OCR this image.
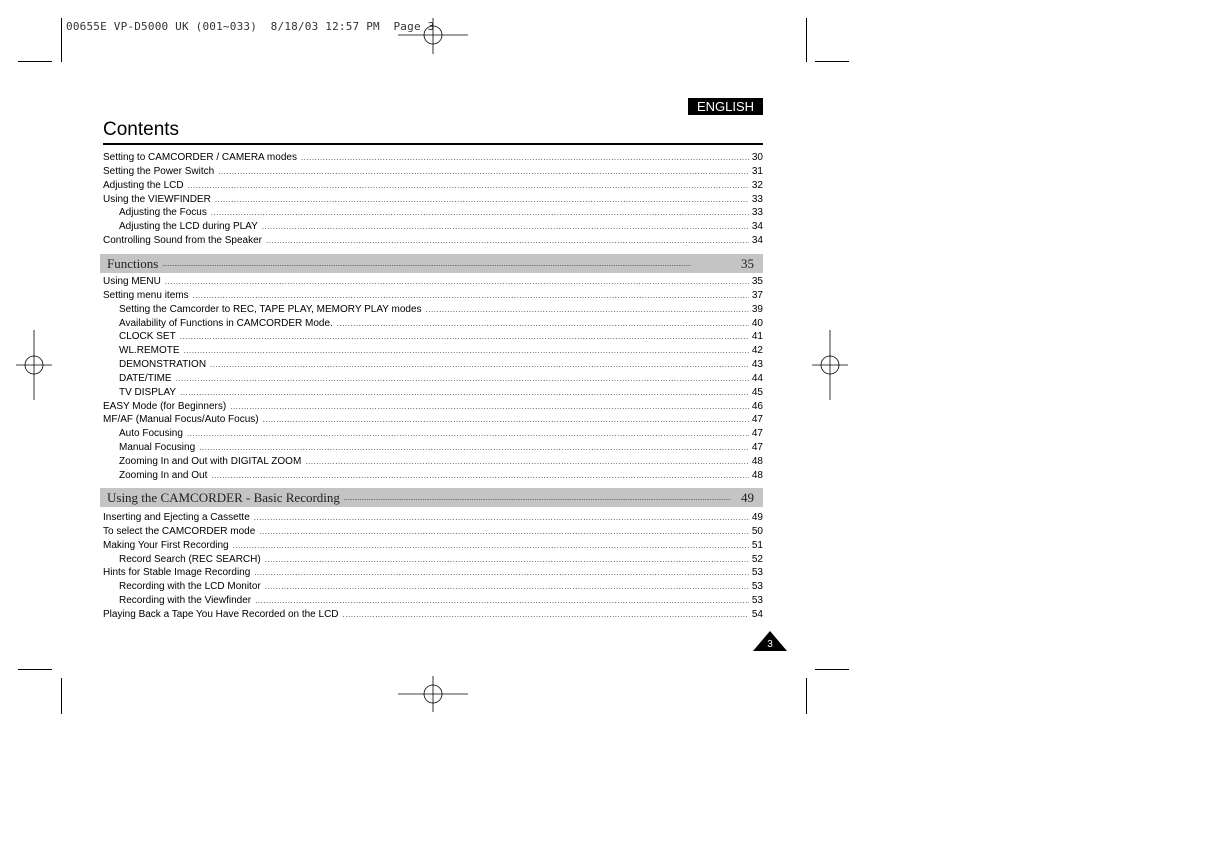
00655E VP-D5000 UK (001~033)  8/18/03 12:57 PM  Page 3
ENGLISH
Contents
Setting to CAMCORDER / CAMERA modes .....	30
Setting the Power Switch .....	31
Adjusting the LCD .....	32
Using the VIEWFINDER .....	33
Adjusting the Focus .....	33
Adjusting the LCD during PLAY .....	34
Controlling Sound from the Speaker .....	34
Functions .....	35
Using MENU .....	35
Setting menu items .....	37
Setting the Camcorder to REC, TAPE PLAY, MEMORY PLAY modes .....	39
Availability of Functions in CAMCORDER Mode. .....	40
CLOCK SET .....	41
WL.REMOTE .....	42
DEMONSTRATION .....	43
DATE/TIME .....	44
TV DISPLAY .....	45
EASY Mode (for Beginners) .....	46
MF/AF (Manual Focus/Auto Focus) .....	47
Auto Focusing .....	47
Manual Focusing .....	47
Zooming In and Out with DIGITAL ZOOM .....	48
Zooming In and Out .....	48
Using the CAMCORDER - Basic Recording .....	49
Inserting and Ejecting a Cassette .....	49
To select the CAMCORDER mode .....	50
Making Your First Recording .....	51
Record Search (REC SEARCH) .....	52
Hints for Stable Image Recording .....	53
Recording with the LCD Monitor .....	53
Recording with the Viewfinder .....	53
Playing Back a Tape You Have Recorded on the LCD .....	54
3
